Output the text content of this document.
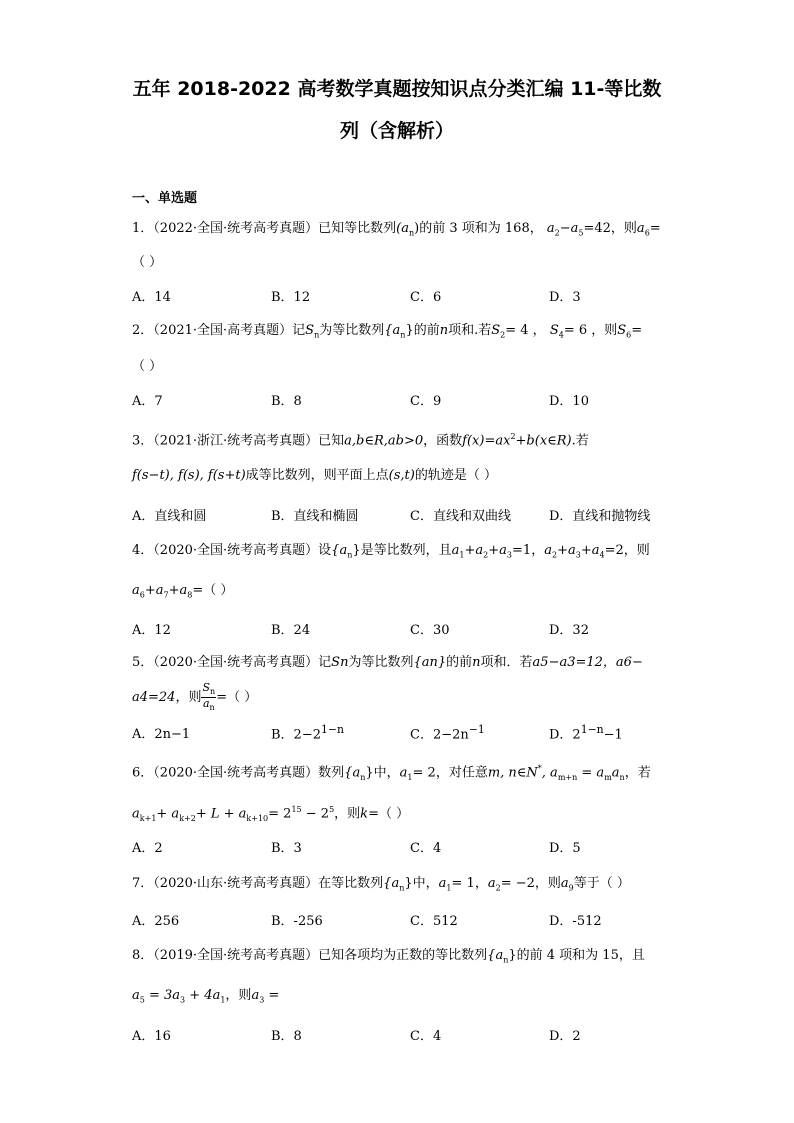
五年 2018-2022 高考数学真题按知识点分类汇编 11-等比数
列（含解析）
一、单选题
1．（2022·全国·统考高考真题）已知等比数列$(a_n)$的前 3 项和为 168， $a_2-a_5=42$，则$a_6=$
（ ）
A．14	B．12	C．6	D．3
2．（2021·全国·高考真题）记$S_n$为等比数列$\{a_n\}$的前n项和.若$S_2= 4$ ， $S_4= 6$ ，则$S_6=$
（ ）
A．7	B．8	C．9	D．10
3．（2021·浙江·统考高考真题）已知a,b∈R,ab>0，函数$f(x)=ax^2+b(x\in R)$.若
f(s−t), f(s), f(s+t)成等比数列，则平面上点(s,t)的轨迹是（ ）
A．直线和圆	B．直线和椭圆	C．直线和双曲线	D．直线和抛物线
4．（2020·全国·统考高考真题）设$\{a_n\}$是等比数列，且$a_1+a_2+a_3=1$，$a_2+a_3+a_4=2$，则
$a_6+a_7+a_8=$（ ）
A．12	B．24	C．30	D．32
5．（2020·全国·统考高考真题）记Sn为等比数列{an}的前n项和．若a5−a3=12，a6−
a4=24，则 $\frac{S_n}{a_n}$ =（ ）
A．2n−1	B．$2-2^{1-n}$	C．$2-2n^{-1}$	D．$2^{1-n}-1$
6．（2020·全国·统考高考真题）数列$\{a_n\}$中，$a_1= 2$，对任意m, n∈N*, $a_{m+n} = a_ma_n$，若
$a_{k+1}+ a_{k+2}+ L + a_{k+10}= 2^{15} - 2^5$，则k=（ ）
A．2	B．3	C．4	D．5
7．（2020·山东·统考高考真题）在等比数列$\{a_n\}$中，$a_1= 1$，$a_2= -2$，则$a_9$等于（ ）
A．256	B．-256	C．512	D．-512
8．（2019·全国·统考高考真题）已知各项均为正数的等比数列$\{a_n\}$的前 4 项和为 15，且
$a_5 = 3a_3 + 4a_1$，则$a_3$ =
A．16	B．8	C．4	D．2
